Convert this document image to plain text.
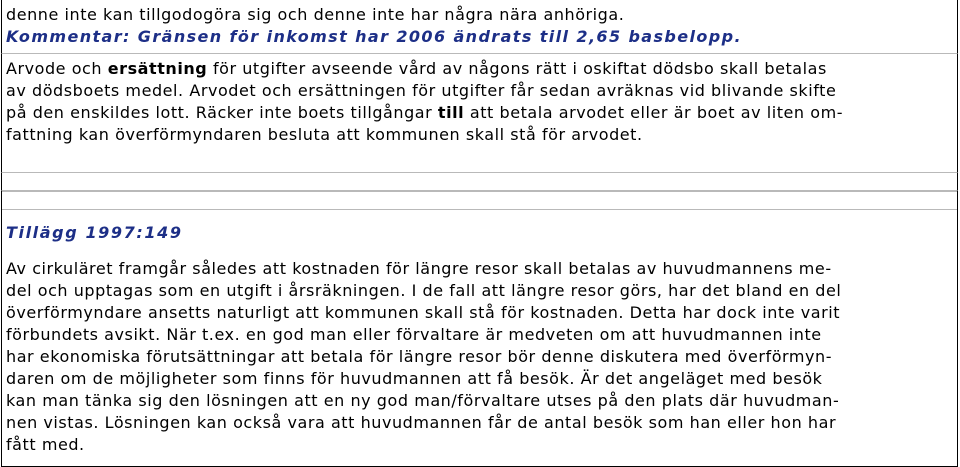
denne inte kan tillgodogöra sig och denne inte har några nära anhöriga.
Kommentar: Gränsen för inkomst har 2006 ändrats till 2,65 basbelopp.
Arvode och ersättning för utgifter avseende vård av någons rätt i oskiftat dödsbo skall betalas
av dödsboets medel. Arvodet och ersättningen för utgifter får sedan avräknas vid blivande skifte
på den enskildes lott. Räcker inte boets tillgångar till att betala arvodet eller är boet av liten om-
fattning kan överförmyndaren besluta att kommunen skall stå för arvodet.
Tillägg 1997:149
Av cirkuläret framgår således att kostnaden för längre resor skall betalas av huvudmannens me-
del och upptagas som en utgift i årsräkningen. I de fall att längre resor görs, har det bland en del
överförmyndare ansetts naturligt att kommunen skall stå för kostnaden. Detta har dock inte varit
förbundets avsikt. När t.ex. en god man eller förvaltare är medveten om att huvudmannen inte
har ekonomiska förutsättningar att betala för längre resor bör denne diskutera med överförmyn-
daren om de möjligheter som finns för huvudmannen att få besök. Är det angeläget med besök
kan man tänka sig den lösningen att en ny god man/förvaltare utses på den plats där huvudman-
nen vistas. Lösningen kan också vara att huvudmannen får de antal besök som han eller hon har
fått med.
